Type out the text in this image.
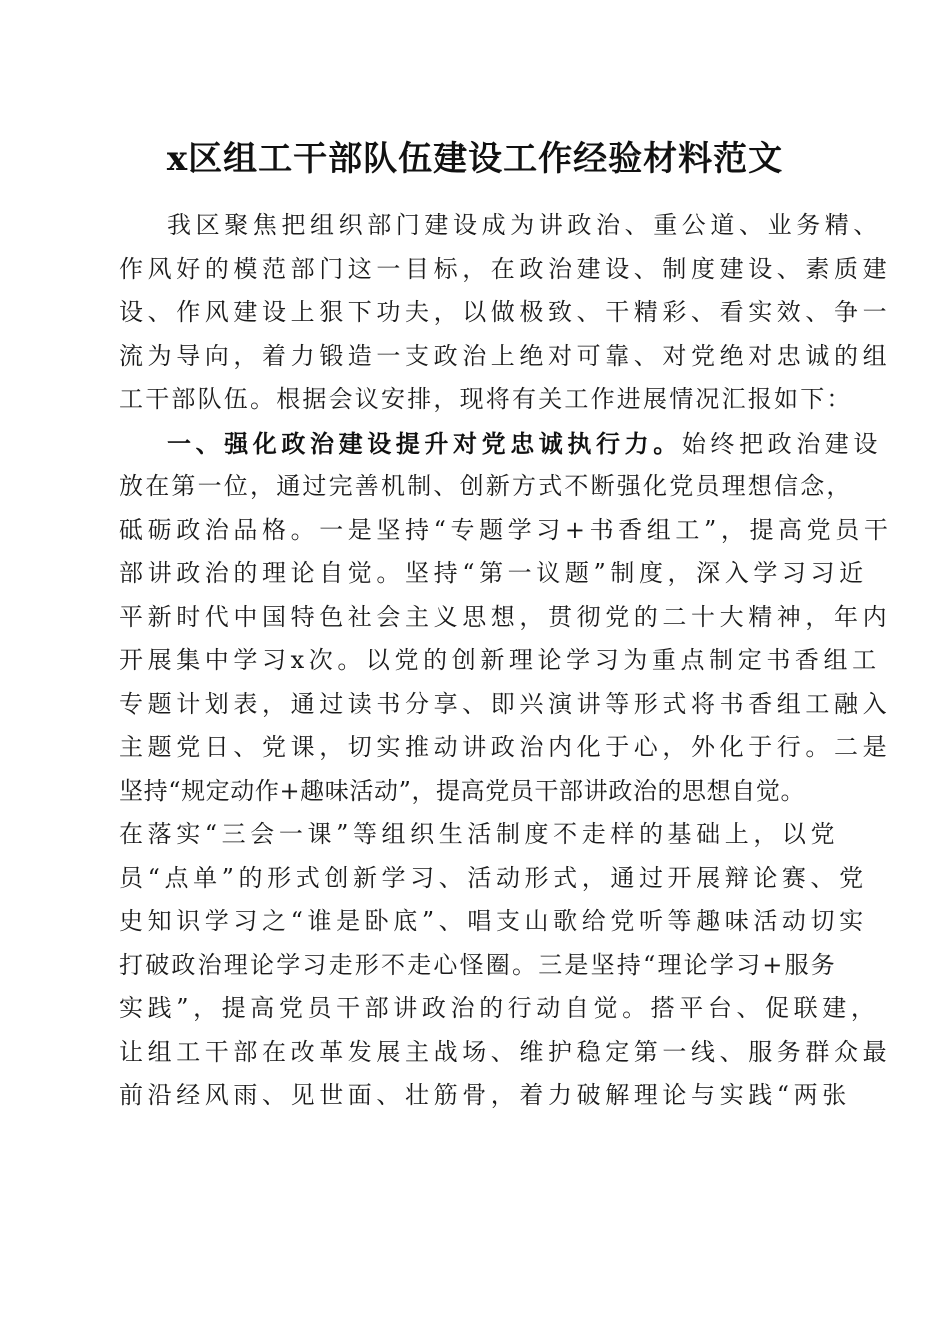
x区组工干部队伍建设工作经验材料范文
我区聚焦把组织部门建设成为讲政治、重公道、业务精、
作风好的模范部门这一目标，在政治建设、制度建设、素质建
设、作风建设上狠下功夫，以做极致、干精彩、看实效、争一
流为导向，着力锻造一支政治上绝对可靠、对党绝对忠诚的组
工干部队伍。根据会议安排，现将有关工作进展情况汇报如下：
一、强化政治建设提升对党忠诚执行力。始终把政治建设
放在第一位，通过完善机制、创新方式不断强化党员理想信念，
砥砺政治品格。一是坚持“专题学习+书香组工”，提高党员干
部讲政治的理论自觉。坚持“第一议题”制度，深入学习习近
平新时代中国特色社会主义思想，贯彻党的二十大精神，年内
开展集中学习x次。以党的创新理论学习为重点制定书香组工
专题计划表，通过读书分享、即兴演讲等形式将书香组工融入
主题党日、党课，切实推动讲政治内化于心，外化于行。二是
坚持“规定动作+趣味活动”，提高党员干部讲政治的思想自觉。
在落实“三会一课”等组织生活制度不走样的基础上，以党
员“点单”的形式创新学习、活动形式，通过开展辩论赛、党
史知识学习之“谁是卧底”、唱支山歌给党听等趣味活动切实
打破政治理论学习走形不走心怪圈。三是坚持“理论学习+服务
实践”，提高党员干部讲政治的行动自觉。搭平台、促联建，
让组工干部在改革发展主战场、维护稳定第一线、服务群众最
前沿经风雨、见世面、壮筋骨，着力破解理论与实践“两张
